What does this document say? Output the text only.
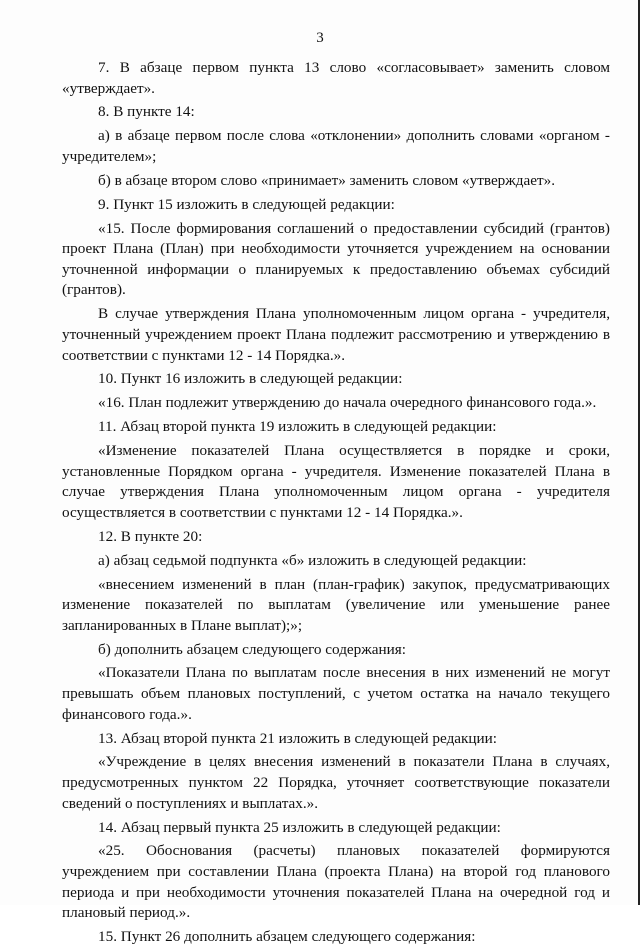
3

7. В абзаце первом пункта 13 слово «согласовывает» заменить словом «утверждает».

8. В пункте 14:

а) в абзаце первом после слова «отклонении» дополнить словами «органом - учредителем»;

б) в абзаце втором слово «принимает» заменить словом «утверждает».

9. Пункт 15 изложить в следующей редакции:

«15. После формирования соглашений о предоставлении субсидий (грантов) проект Плана (План) при необходимости уточняется учреждением на основании уточненной информации о планируемых к предоставлению объемах субсидий (грантов).

В случае утверждения Плана уполномоченным лицом органа - учредителя, уточненный учреждением проект Плана подлежит рассмотрению и утверждению в соответствии с пунктами 12 - 14 Порядка.».

10. Пункт 16 изложить в следующей редакции:

«16. План подлежит утверждению до начала очередного финансового года.».

11. Абзац второй пункта 19 изложить в следующей редакции:

«Изменение показателей Плана осуществляется в порядке и сроки, установленные Порядком органа - учредителя. Изменение показателей Плана в случае утверждения Плана уполномоченным лицом органа - учредителя осуществляется в соответствии с пунктами 12 - 14 Порядка.».

12. В пункте 20:

а) абзац седьмой подпункта «б» изложить в следующей редакции:

«внесением изменений в план (план-график) закупок, предусматривающих изменение показателей по выплатам (увеличение или уменьшение ранее запланированных в Плане выплат);»;

б) дополнить абзацем следующего содержания:

«Показатели Плана по выплатам после внесения в них изменений не могут превышать объем плановых поступлений, с учетом остатка на начало текущего финансового года.».

13. Абзац второй пункта 21 изложить в следующей редакции:

«Учреждение в целях внесения изменений в показатели Плана в случаях, предусмотренных пунктом 22 Порядка, уточняет соответствующие показатели сведений о поступлениях и выплатах.».

14. Абзац первый пункта 25 изложить в следующей редакции:

«25. Обоснования (расчеты) плановых показателей формируются учреждением при составлении Плана (проекта Плана) на второй год планового периода и при необходимости уточнения показателей Плана на очередной год и плановый период.».

15. Пункт 26 дополнить абзацем следующего содержания:
